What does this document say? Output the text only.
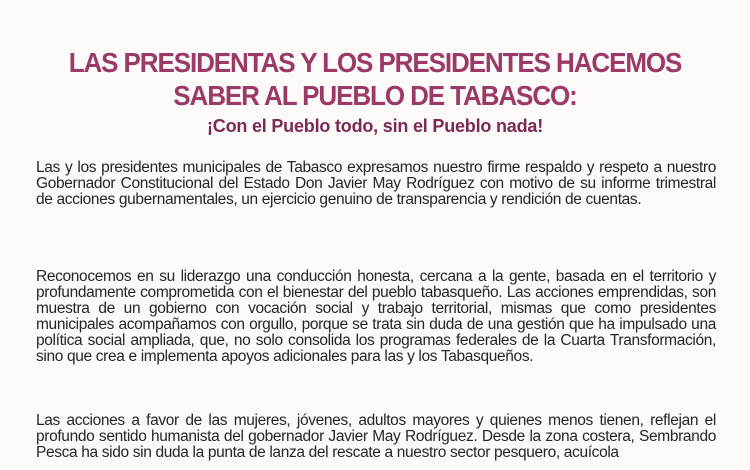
LAS PRESIDENTAS Y LOS PRESIDENTES HACEMOS
SABER AL PUEBLO DE TABASCO:
¡Con el Pueblo todo, sin el Pueblo nada!

Las y los presidentes municipales de Tabasco expresamos nuestro firme respaldo y respeto a nuestro Gobernador Constitucional del Estado Don Javier May Rodríguez con motivo de su informe trimestral de acciones gubernamentales, un ejercicio genuino de transparencia y rendición de cuentas.

Reconocemos en su liderazgo una conducción honesta, cercana a la gente, basada en el territorio y profundamente comprometida con el bienestar del pueblo tabasqueño. Las acciones emprendidas, son muestra de un gobierno con vocación social y trabajo territorial, mismas que como presidentes municipales acompañamos con orgullo, porque se trata sin duda de una gestión que ha impulsado una política social ampliada, que, no solo consolida los programas federales de la Cuarta Transformación, sino que crea e implementa apoyos adicionales para las y los Tabasqueños.

Las acciones a favor de las mujeres, jóvenes, adultos mayores y quienes menos tienen, reflejan el profundo sentido humanista del gobernador Javier May Rodríguez. Desde la zona costera, Sembrando Pesca ha sido sin duda la punta de lanza del rescate a nuestro sector pesquero, acuícola
